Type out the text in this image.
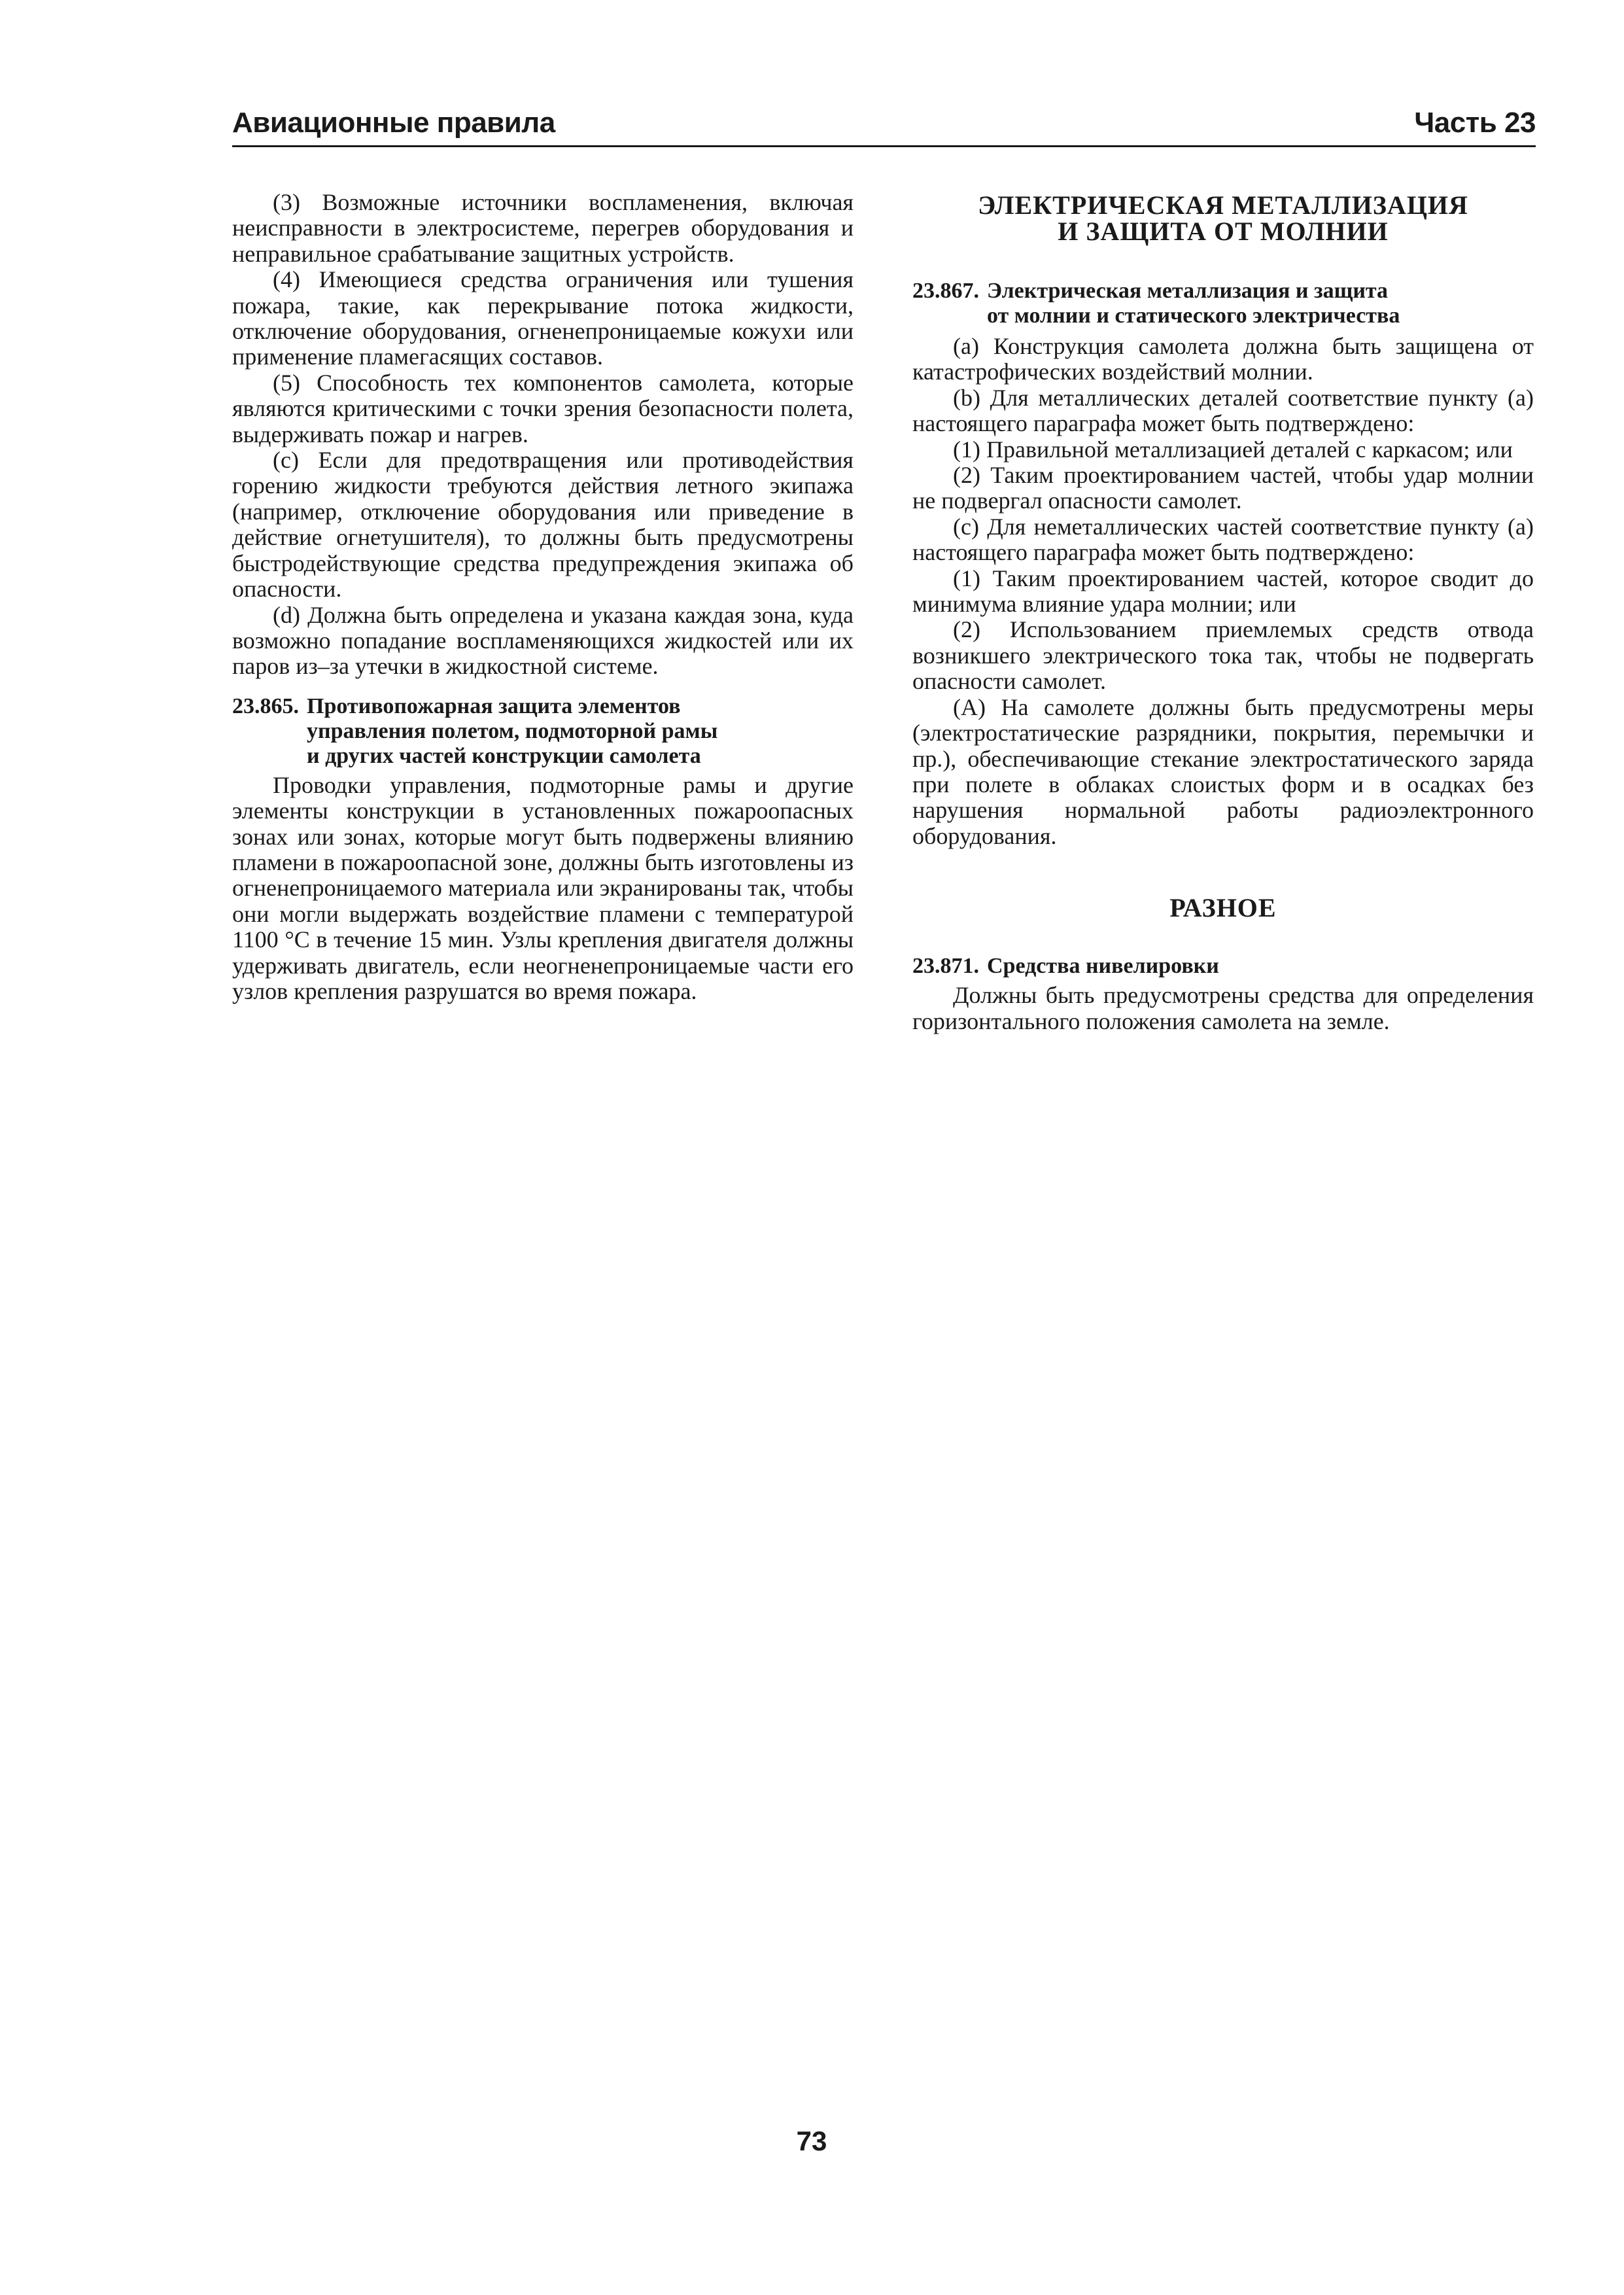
Авиационные правила	Часть 23

(3) Возможные источники воспламенения, включая неисправности в электросистеме, перегрев оборудования и неправильное срабатывание защитных устройств.

(4) Имеющиеся средства ограничения или тушения пожара, такие, как перекрывание потока жидкости, отключение оборудования, огненепроницаемые кожухи или применение пламегасящих составов.

(5) Способность тех компонентов самолета, которые являются критическими с точки зрения безопасности полета, выдерживать пожар и нагрев.

(c) Если для предотвращения или противодействия горению жидкости требуются действия летного экипажа (например, отключение оборудования или приведение в действие огнетушителя), то должны быть предусмотрены быстродействующие средства предупреждения экипажа об опасности.

(d) Должна быть определена и указана каждая зона, куда возможно попадание воспламеняющихся жидкостей или их паров из–за утечки в жидкостной системе.

23.865. Противопожарная защита элементов
управления полетом, подмоторной рамы
и других частей конструкции самолета

Проводки управления, подмоторные рамы и другие элементы конструкции в установленных пожароопасных зонах или зонах, которые могут быть подвержены влиянию пламени в пожароопасной зоне, должны быть изготовлены из огненепроницаемого материала или экранированы так, чтобы они могли выдержать воздействие пламени с температурой 1100 °С в течение 15 мин. Узлы крепления двигателя должны удерживать двигатель, если неогненепроницаемые части его узлов крепления разрушатся во время пожара.

ЭЛЕКТРИЧЕСКАЯ МЕТАЛЛИЗАЦИЯ
И ЗАЩИТА ОТ МОЛНИИ
23.867. Электрическая металлизация и защита
от молнии и статического электричества

(a) Конструкция самолета должна быть защищена от катастрофических воздействий молнии.

(b) Для металлических деталей соответствие пункту (a) настоящего параграфа может быть подтверждено:

(1) Правильной металлизацией деталей с каркасом; или

(2) Таким проектированием частей, чтобы удар молнии не подвергал опасности самолет.

(c) Для неметаллических частей соответствие пункту (a) настоящего параграфа может быть подтверждено:

(1) Таким проектированием частей, которое сводит до минимума влияние удара молнии; или

(2) Использованием приемлемых средств отвода возникшего электрического тока так, чтобы не подвергать опасности самолет.

(A) На самолете должны быть предусмотрены меры (электростатические разрядники, покрытия, перемычки и пр.), обеспечивающие стекание электростатического заряда при полете в облаках слоистых форм и в осадках без нарушения нормальной работы радиоэлектронного оборудования.

РАЗНОЕ
23.871. Средства нивелировки

Должны быть предусмотрены средства для определения горизонтального положения самолета на земле.

73
